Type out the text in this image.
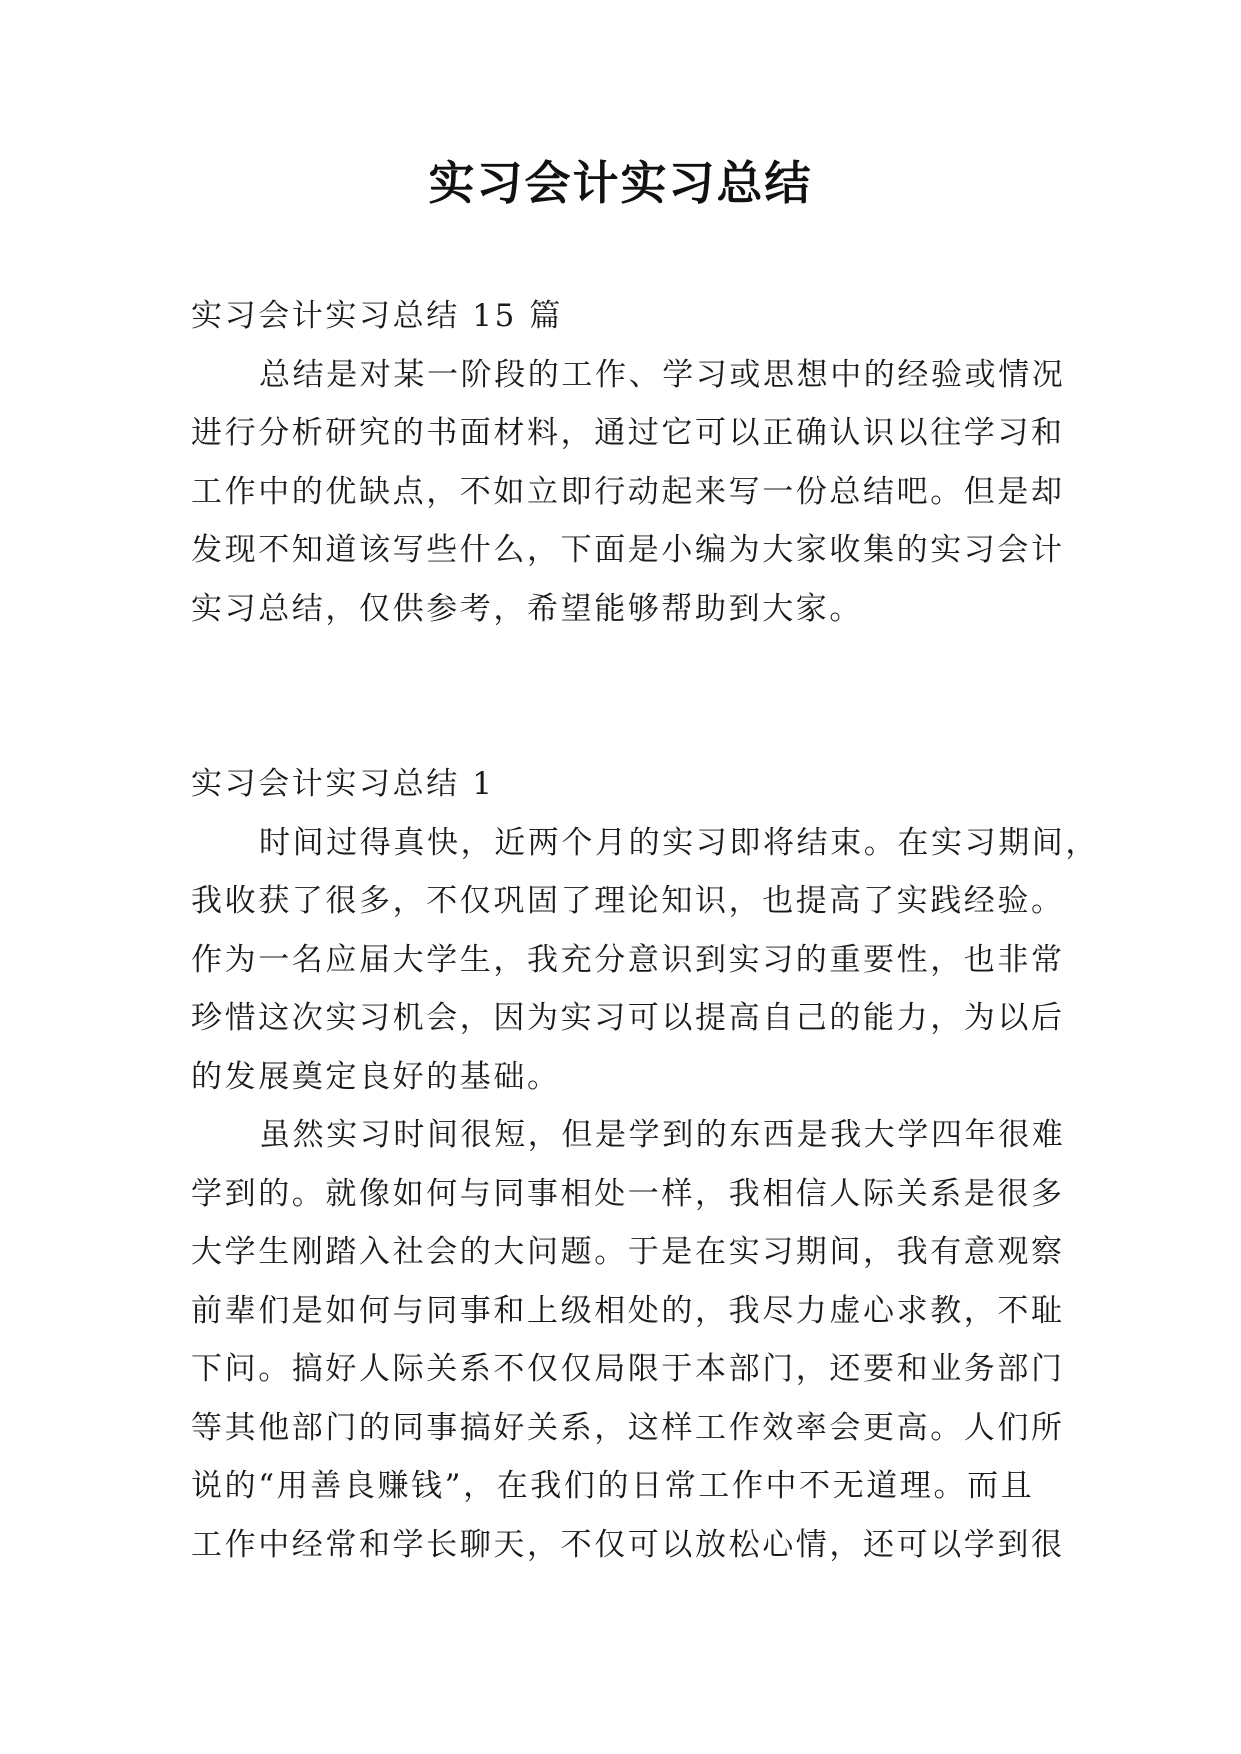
实习会计实习总结
实习会计实习总结 15 篇
总结是对某一阶段的工作、学习或思想中的经验或情况
进行分析研究的书面材料，通过它可以正确认识以往学习和
工作中的优缺点，不如立即行动起来写一份总结吧。但是却
发现不知道该写些什么，下面是小编为大家收集的实习会计
实习总结，仅供参考，希望能够帮助到大家。
实习会计实习总结 1
时间过得真快，近两个月的实习即将结束。在实习期间，
我收获了很多，不仅巩固了理论知识，也提高了实践经验。
作为一名应届大学生，我充分意识到实习的重要性，也非常
珍惜这次实习机会，因为实习可以提高自己的能力，为以后
的发展奠定良好的基础。
虽然实习时间很短，但是学到的东西是我大学四年很难
学到的。就像如何与同事相处一样，我相信人际关系是很多
大学生刚踏入社会的大问题。于是在实习期间，我有意观察
前辈们是如何与同事和上级相处的，我尽力虚心求教，不耻
下问。搞好人际关系不仅仅局限于本部门，还要和业务部门
等其他部门的同事搞好关系，这样工作效率会更高。人们所
说的“用善良赚钱”，在我们的日常工作中不无道理。而且
工作中经常和学长聊天，不仅可以放松心情，还可以学到很
